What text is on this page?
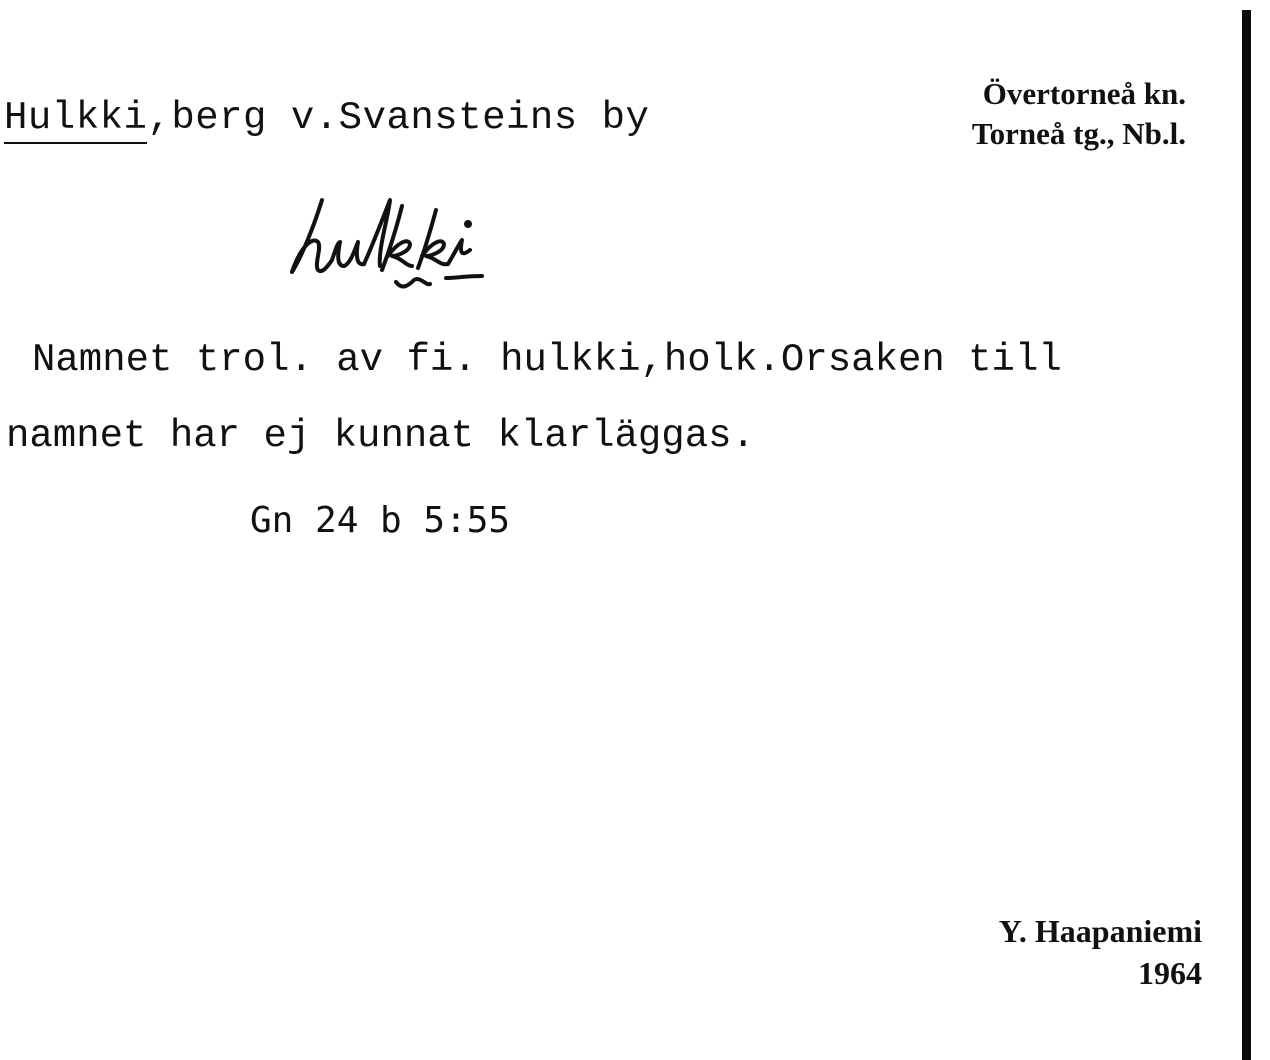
Hulkki,berg v.Svansteins by
Övertorneå kn.
Torneå tg., Nb.l.
Namnet trol. av fi. hulkki,holk.Orsaken till
namnet har ej kunnat klarläggas.
Gn 24 b 5:55
Y. Haapaniemi
1964
